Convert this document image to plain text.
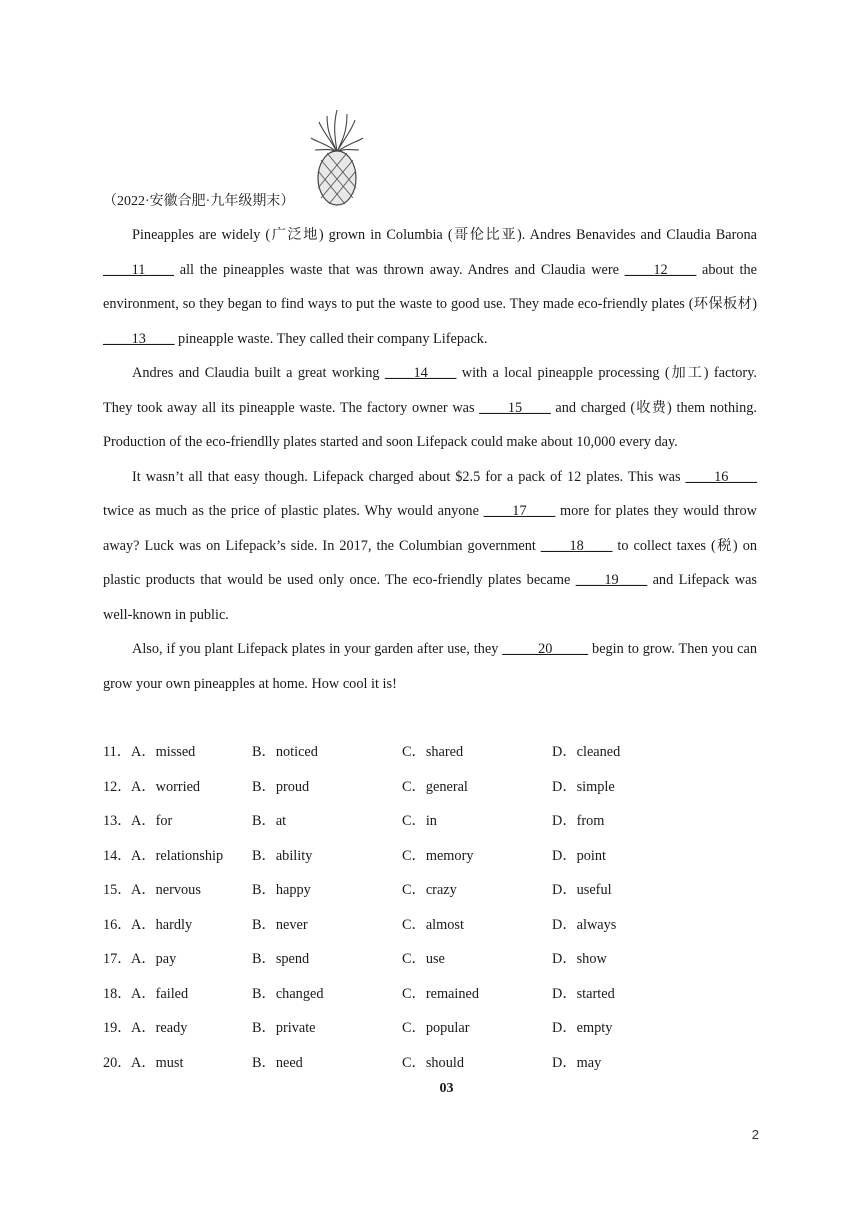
（2022·安徽合肥·九年级期末）

Pineapples are widely (广泛地) grown in Columbia (哥伦比亚). Andres Benavides and Claudia Barona ____11____ all the pineapples waste that was thrown away. Andres and Claudia were ____12____ about the environment, so they began to find ways to put the waste to good use. They made eco-friendly plates (环保板材) ____13____ pineapple waste. They called their company Lifepack.

Andres and Claudia built a great working ____14____ with a local pineapple processing (加工) factory. They took away all its pineapple waste. The factory owner was ____15____ and charged (收费) them nothing. Production of the eco-friendlly plates started and soon Lifepack could make about 10,000 every day.

It wasn’t all that easy though. Lifepack charged about $2.5 for a pack of 12 plates. This was ____16____ twice as much as the price of plastic plates. Why would anyone ____17____ more for plates they would throw away? Luck was on Lifepack’s side. In 2017, the Columbian government ____18____ to collect taxes (税) on plastic products that would be used only once. The eco-friendly plates became ____19____ and Lifepack was well-known in public.

Also, if you plant Lifepack plates in your garden after use, they _____20_____ begin to grow. Then you can grow your own pineapples at home. How cool it is!

11． A．missed	B．noticed	C．shared	D．cleaned
12． A．worried	B．proud	C．general	D．simple
13． A．for	B．at	C．in	D．from
14． A．relationship B．ability	C．memory	D．point
15． A．nervous	B．happy	C．crazy	D．useful
16． A．hardly	B．never	C．almost	D．always
17． A．pay	B．spend	C．use	D．show
18． A．failed	B．changed	C．remained	D．started
19． A．ready	B．private	C．popular	D．empty
20． A．must	B．need	C．should	D．may
03
2
